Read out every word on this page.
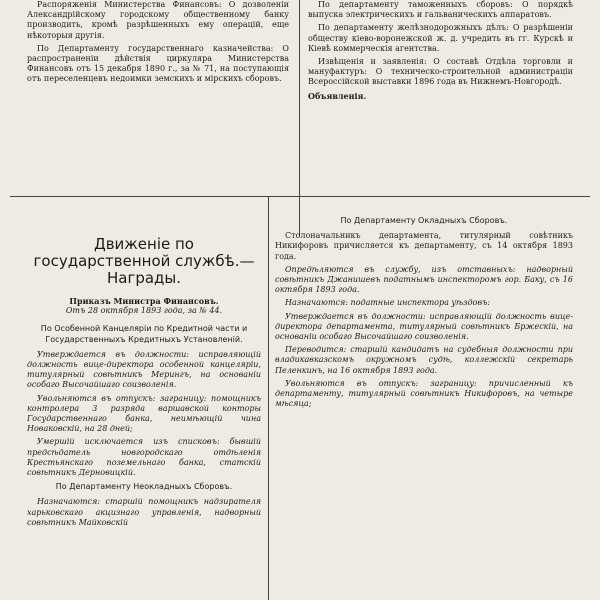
Распоряженія Министерства Финансовъ: О дозволеніи Александрійскому городскому общественному банку производить, кромѣ разрѣшенныхъ ему операцій, еще нѣкоторыя другія.

По Департаменту государственнаго казначейства: О распространеніи дѣйствія циркуляра Министерства Финансовъ отъ 15 декабря 1890 г., за № 71, на поступающія отъ переселенцевъ недоимки земскихъ и мірскихъ сборовъ.

По департаменту таможенныхъ сборовъ: О порядкѣ выпуска электрическихъ и гальваническихъ аппаратовъ.

По департаменту желѣзнодорожныхъ дѣлъ: О разрѣшеніи обществу кіево-воронежской ж. д. учредить въ гг. Курскѣ и Кіевѣ коммерческія агентства.

Извѣщенія и заявленія: О составѣ Отдѣла торговли и мануфактуръ: О техническо-строительной администраціи Всероссійской выставки 1896 года въ Нижнемъ-Новгородѣ.

Объявленія.

Движеніе по государственной службѣ.—Награды.

Приказъ Министра Финансовъ.

Отъ 28 октября 1893 года, за № 44.

По Особенной Канцеляріи по Кредитной части и Государственныхъ Кредитныхъ Установленій.

Утверждается въ должности: исправляющій должность вице-директора особенной канцеляріи, титулярный совѣтникъ Мерингъ, на основаніи особаго Высочайшаго соизволенія.

Увольняются въ отпускъ: заграницу: помощникъ контролера 3 разряда варшавской конторы Государственнаго банка, неимѣющій чина Новаковскій, на 28 дней;

Умершій исключается изъ списковъ: бывшій предсѣдатель новгородскаго отдѣленія Крестьянскаго поземельнаго банка, статскій совѣтникъ Дерновицкій.

По Департаменту Неокладныхъ Сборовъ.

Назначаются: старшій помощникъ надзирателя харьковскаго акцизнаго управленія, надворный совѣтникъ Майковскій

По Департаменту Окладныхъ Сборовъ.

Столоначальникъ департамента, титулярный совѣтникъ Никифоровъ причисляется къ департаменту, съ 14 октября 1893 года.

Опредѣляются въ службу, изъ отставныхъ: надворный совѣтникъ Джанишевъ податнымъ инспекторомъ гор. Баку, съ 16 октября 1893 года.

Назначаются: податные инспектора уѣздовъ:

Утверждается въ должности: исправляющій должность вице-директора департамента, титулярный совѣтникъ Бржескій, на основаніи особаго Высочайшаго соизволенія.

Переводится: старшій кандидатъ на судебныя должности при владикавказскомъ окружномъ судѣ, коллежскій секретарь Пеленкинъ, на 16 октября 1893 года.

Увольняются въ отпускъ: заграницу: причисленный къ департаменту, титулярный совѣтникъ Никифоровъ, на четыре мѣсяца;
